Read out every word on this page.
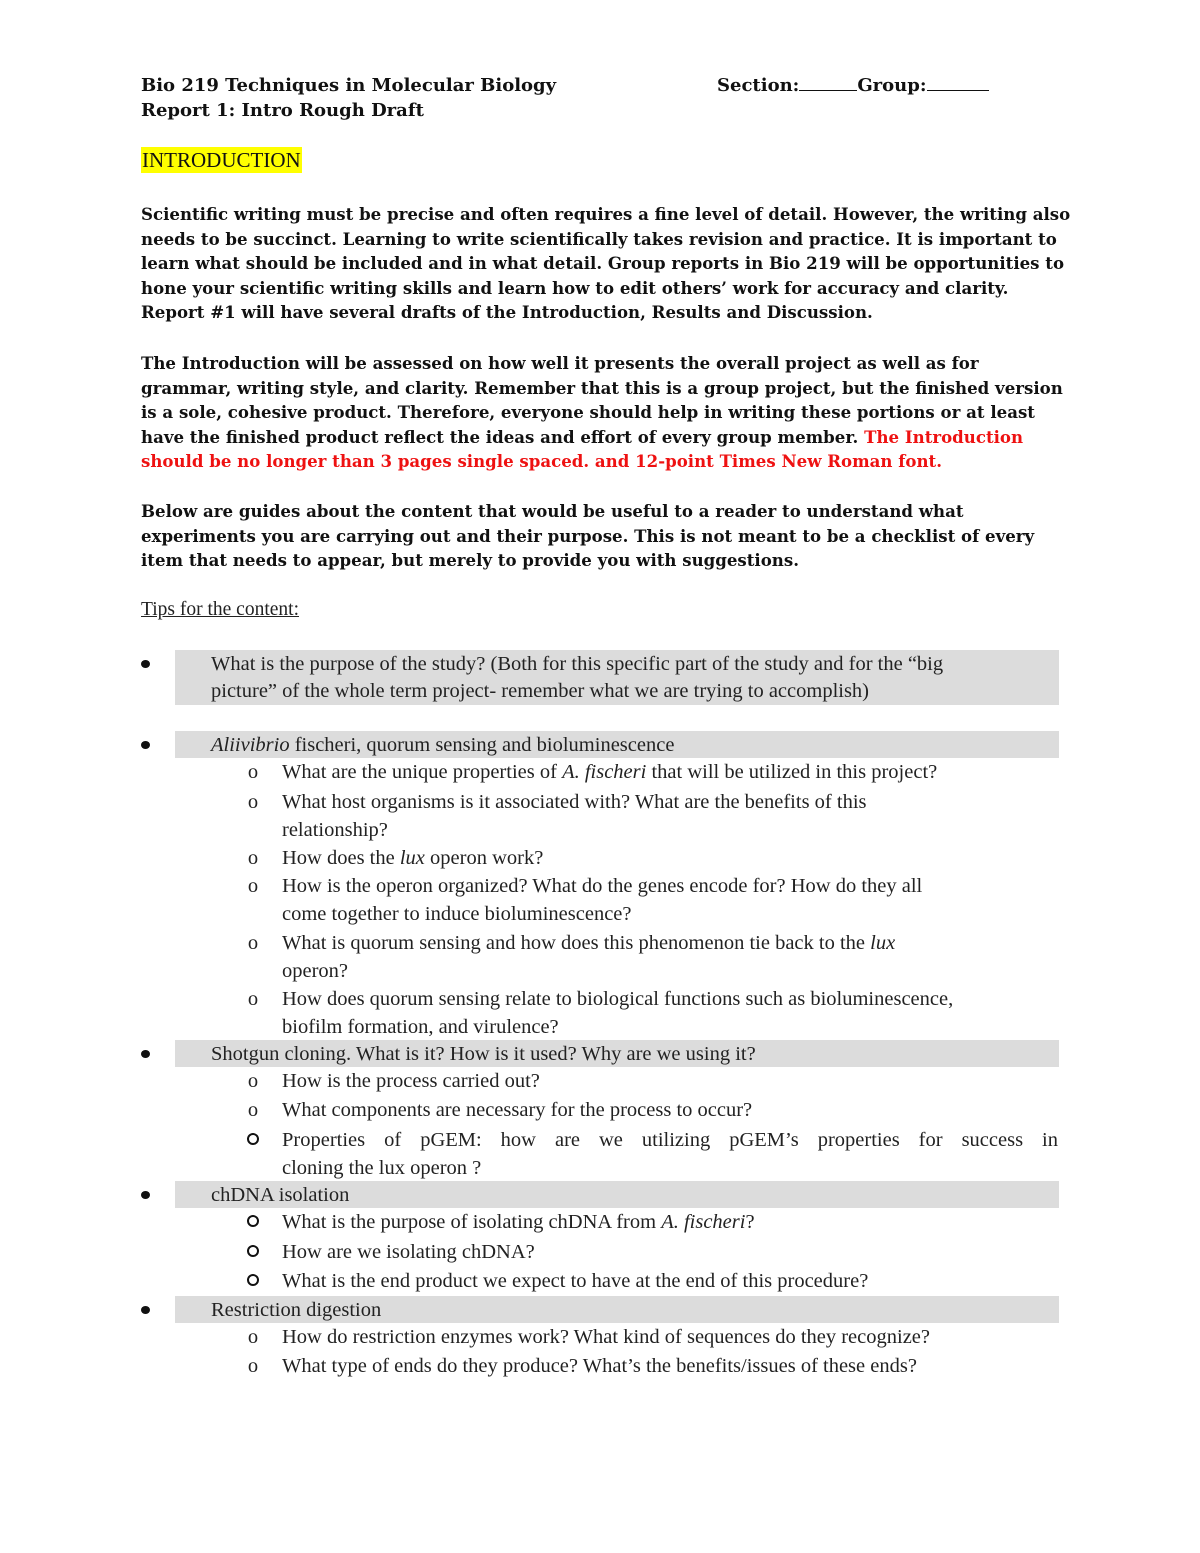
Bio 219 Techniques in Molecular Biology	Section:	Group:
Report 1: Intro Rough Draft
INTRODUCTION
Scientific writing must be precise and often requires a fine level of detail. However, the writing also
needs to be succinct. Learning to write scientifically takes revision and practice. It is important to
learn what should be included and in what detail. Group reports in Bio 219 will be opportunities to
hone your scientific writing skills and learn how to edit others’ work for accuracy and clarity.
Report #1 will have several drafts of the Introduction, Results and Discussion.
The Introduction will be assessed on how well it presents the overall project as well as for
grammar, writing style, and clarity. Remember that this is a group project, but the finished version
is a sole, cohesive product. Therefore, everyone should help in writing these portions or at least
have the finished product reflect the ideas and effort of every group member. The Introduction
should be no longer than 3 pages single spaced. and 12-point Times New Roman font.
Below are guides about the content that would be useful to a reader to understand what
experiments you are carrying out and their purpose. This is not meant to be a checklist of every
item that needs to appear, but merely to provide you with suggestions.
Tips for the content:
What is the purpose of the study? (Both for this specific part of the study and for the “big
picture” of the whole term project- remember what we are trying to accomplish)
Aliivibrio fischeri, quorum sensing and bioluminescence
o What are the unique properties of A. fischeri that will be utilized in this project?
o What host organisms is it associated with? What are the benefits of this
relationship?
o How does the lux operon work?
o How is the operon organized? What do the genes encode for? How do they all
come together to induce bioluminescence?
o What is quorum sensing and how does this phenomenon tie back to the lux
operon?
o How does quorum sensing relate to biological functions such as bioluminescence,
biofilm formation, and virulence?
Shotgun cloning. What is it? How is it used? Why are we using it?
o How is the process carried out?
o What components are necessary for the process to occur?
Properties of pGEM: how are we utilizing pGEM’s properties for success in
cloning the lux operon ?
chDNA isolation
What is the purpose of isolating chDNA from A. fischeri?
How are we isolating chDNA?
What is the end product we expect to have at the end of this procedure?
Restriction digestion
o How do restriction enzymes work? What kind of sequences do they recognize?
o What type of ends do they produce? What’s the benefits/issues of these ends?
